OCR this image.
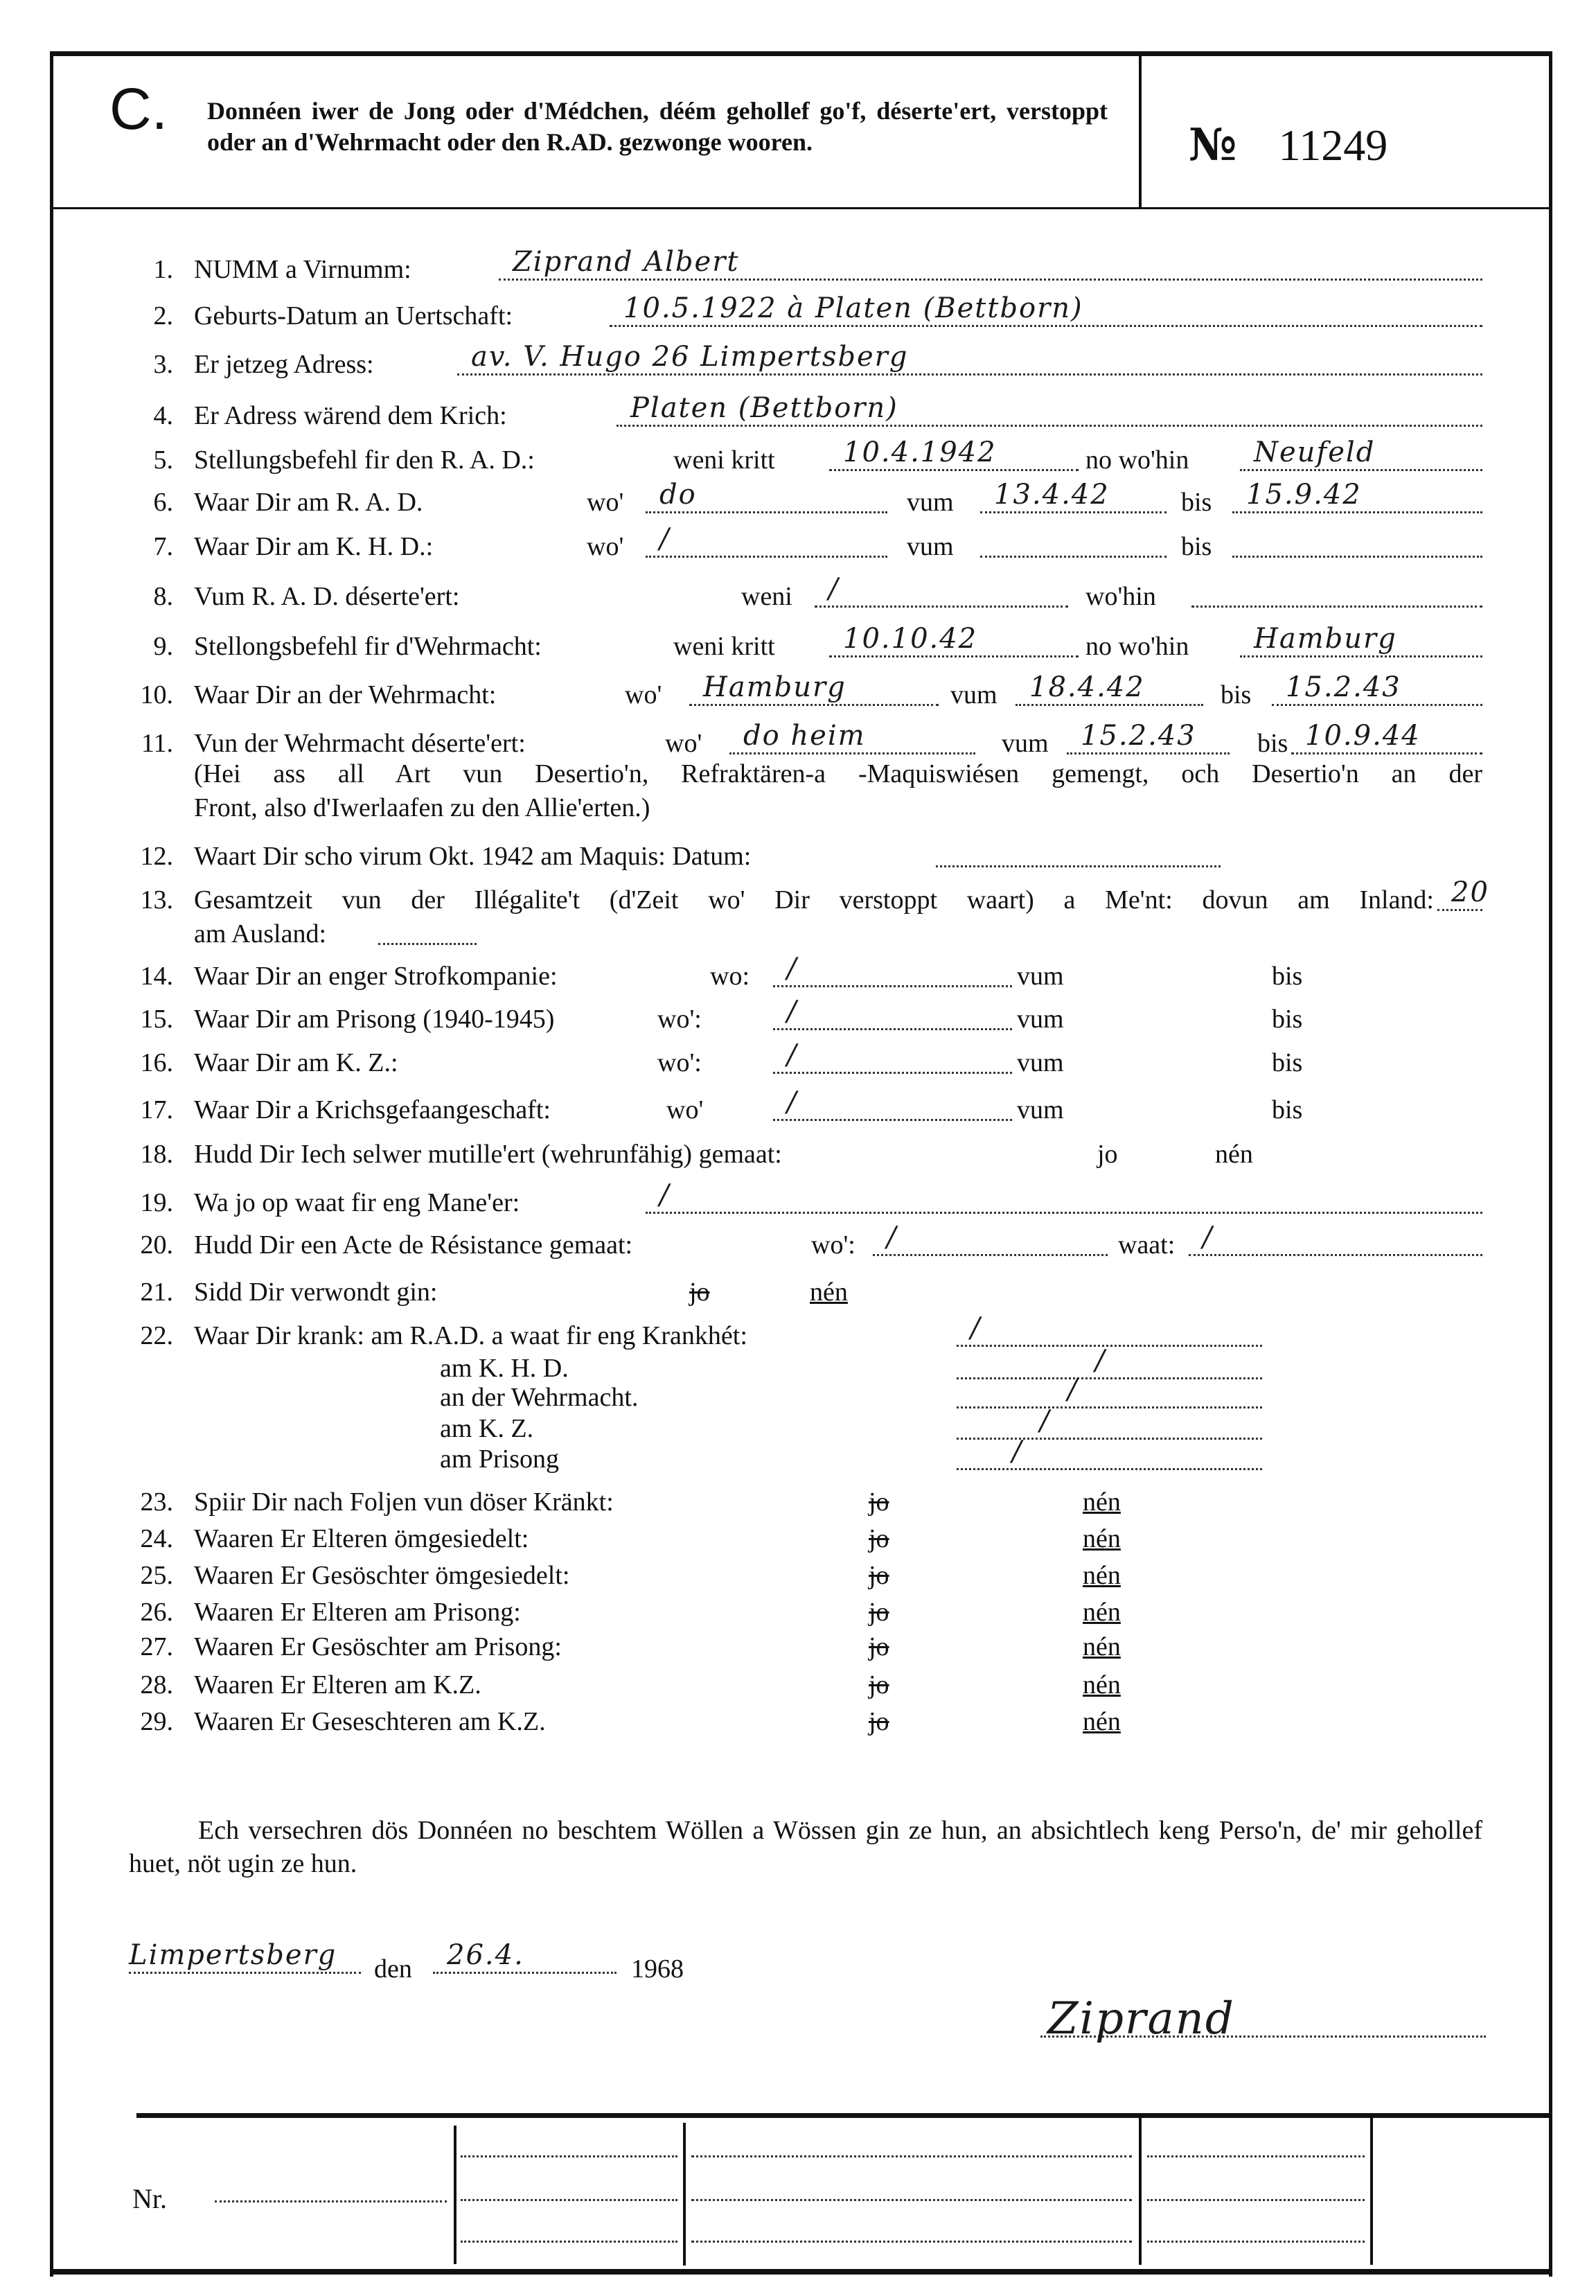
C. Donnéen iwer de Jong oder d'Médchen, déém gehollef go'f, déserte'ert, verstoppt oder an d'Wehrmacht oder den R.AD. gezwonge wooren.	№ 11249
1. NUMM a Virnumm:	Ziprand Albert
2. Geburts-Datum an Uertschaft:	10.5.1922 à Platen (Bettborn)
3. Er jetzeg Adress:	av. V. Hugo 26 Limpertsberg
4. Er Adress wärend dem Krich:	Platen (Bettborn)
5. Stellungsbefehl fir den R. A. D.:	weni kritt 10.4.1942	no wo'hin Neufeld
6. Waar Dir am R. A. D.	wo' do	vum 13.4.42	bis 15.9.42
7. Waar Dir am K. H. D.:	wo' /	vum	bis
8. Vum R. A. D. déserte'ert:	weni /	wo'hin
9. Stellongsbefehl fir d'Wehrmacht:	weni kritt 10.10.42	no wo'hin Hamburg
10. Waar Dir an der Wehrmacht:	wo' Hamburg	vum 18.4.42	bis 15.2.43
11. Vun der Wehrmacht déserte'ert:	wo' do heim	vum 15.2.43 bis 10.9.44
12. Waart Dir scho virum Okt. 1942 am Maquis: Datum:
13. Gesamtzeit vun der Illégalite't (d'Zeit wo' Dir verstoppt waart) a Me'nt: dovun am Inland: 20
14. Waar Dir an enger Strofkompanie:	wo: /	vum	bis
15. Waar Dir am Prisong (1940-1945)	wo':	/	vum	bis
16. Waar Dir am K. Z.:	wo':	/	vum	bis
17. Waar Dir a Krichsgefaangeschaft:	wo'	/	vum	bis
18. Hudd Dir Iech selwer mutille'ert (wehrunfähig) gemaat:	jo	nén
19. Wa jo op waat fir eng Mane'er:	/
20. Hudd Dir een Acte de Résistance gemaat:	wo': /	waat: /
21. Sidd Dir verwondt gin:	jo	nén
22. Waar Dir krank: am R.A.D. a waat fir eng Krankhét:	/
23. Spiir Dir nach Foljen vun döser Kränkt:	jo	nén
24. Waaren Er Elteren ömgesiedelt:	jo	nén
25. Waaren Er Gesöschter ömgesiedelt:	jo	nén
26. Waaren Er Elteren am Prisong:	jo	nén
27. Waaren Er Gesöschter am Prisong:	jo	nén
28. Waaren Er Elteren am K.Z.	jo	nén
29. Waaren Er Geseschteren am K.Z.	jo	nén
am Ausland:
am K. H. D.	/
an der Wehrmacht.	/
am K. Z.	/
am Prisong	/
(Hei ass all Art vun Desertio'n, Refraktären-a -Maquiswiésen gemengt, och Desertio'n an der
Front, also d'Iwerlaafen zu den Allie'erten.)
Ech versechren dös Donnéen no beschtem Wöllen a Wössen gin ze hun, an absichtlech keng Perso'n, de' mir gehollef huet, nöt ugin ze hun.
Limpertsberg den 26.4.	1968
Ziprand
Nr.
